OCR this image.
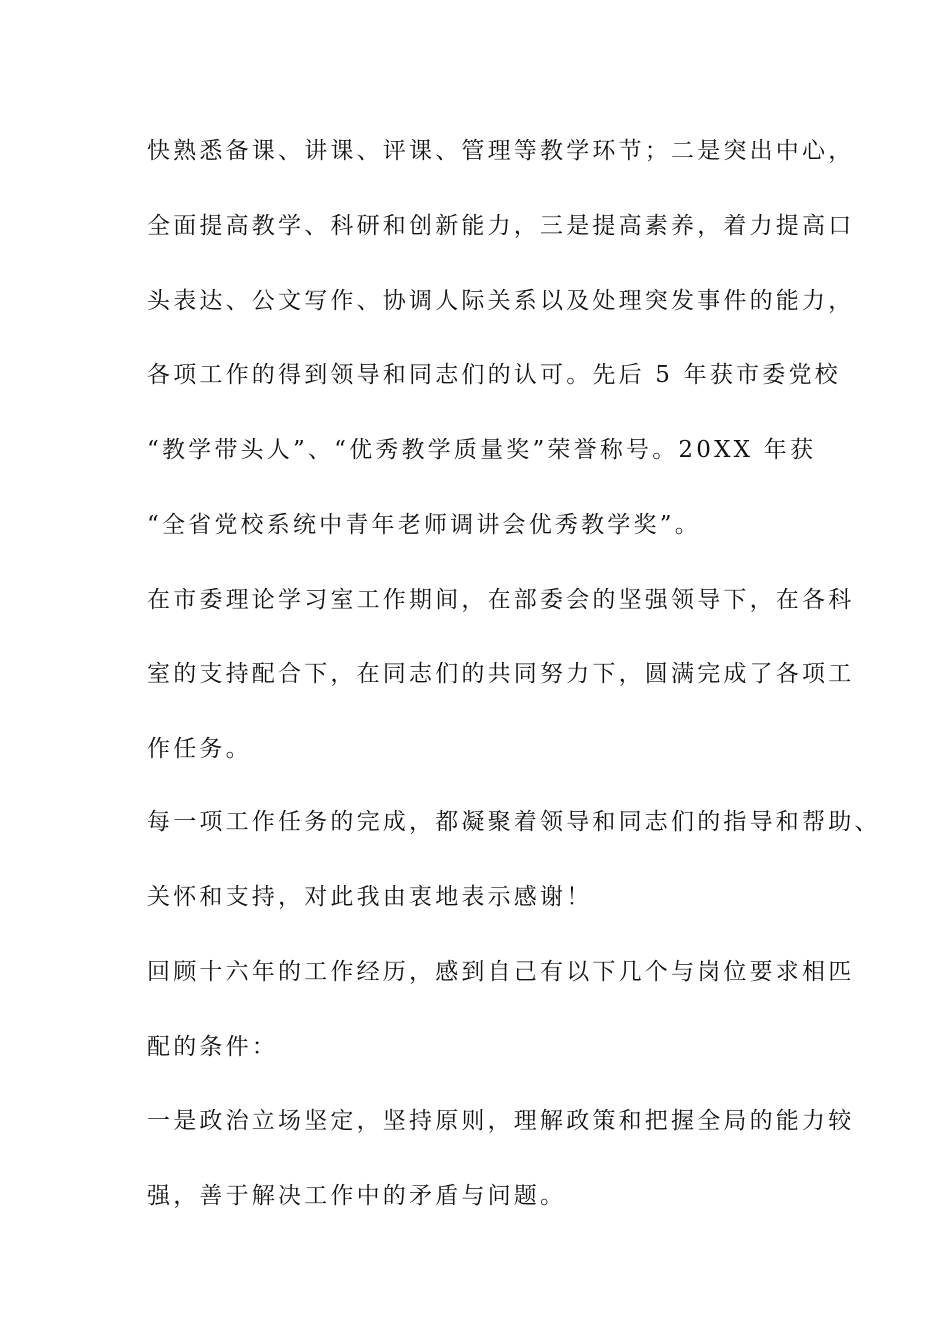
快熟悉备课、讲课、评课、管理等教学环节；二是突出中心，
全面提高教学、科研和创新能力，三是提高素养，着力提高口
头表达、公文写作、协调人际关系以及处理突发事件的能力，
各项工作的得到领导和同志们的认可。先后 5 年获市委党校
“教学带头人”、“优秀教学质量奖”荣誉称号。20XX 年获
“全省党校系统中青年老师调讲会优秀教学奖”。
在市委理论学习室工作期间，在部委会的坚强领导下，在各科
室的支持配合下，在同志们的共同努力下，圆满完成了各项工
作任务。
每一项工作任务的完成，都凝聚着领导和同志们的指导和帮助、
关怀和支持，对此我由衷地表示感谢！
回顾十六年的工作经历，感到自己有以下几个与岗位要求相匹
配的条件：
一是政治立场坚定，坚持原则，理解政策和把握全局的能力较
强，善于解决工作中的矛盾与问题。
